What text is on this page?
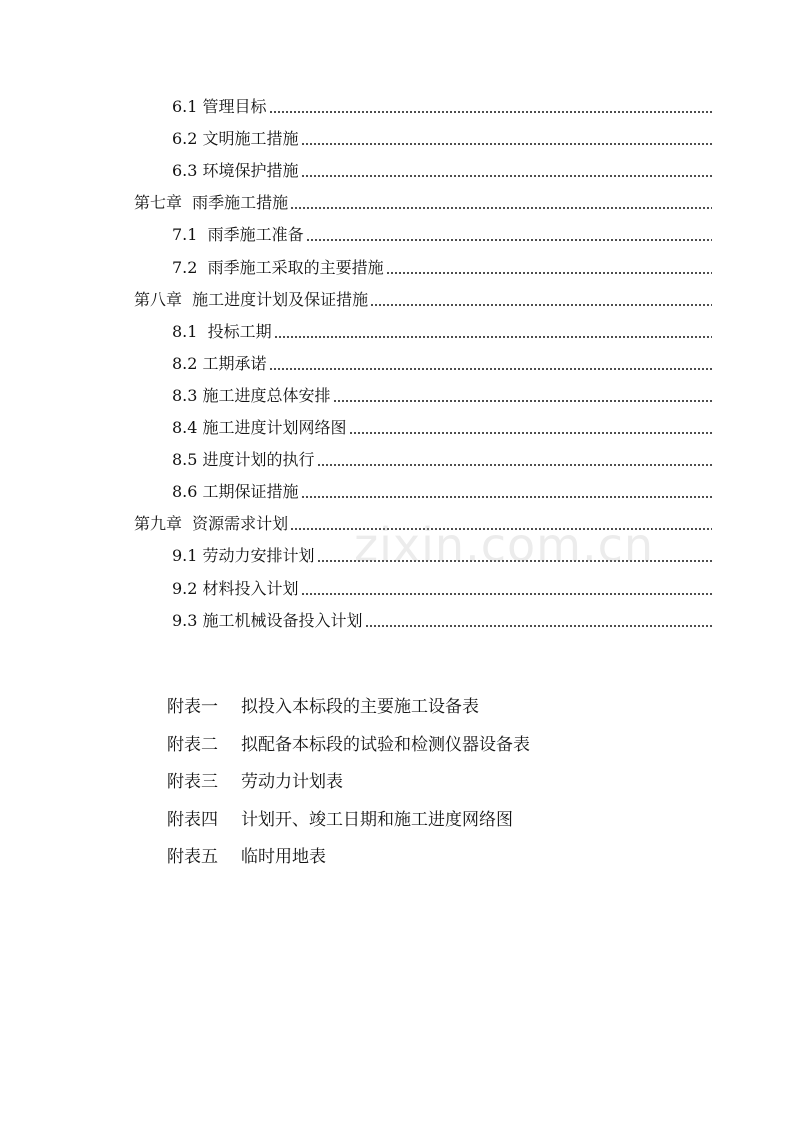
6.1 管理目标
6.2 文明施工措施
6.3 环境保护措施
第七章  雨季施工措施
7.1  雨季施工准备
7.2  雨季施工采取的主要措施
第八章  施工进度计划及保证措施
8.1  投标工期
8.2 工期承诺
8.3 施工进度总体安排
8.4 施工进度计划网络图
8.5 进度计划的执行
8.6 工期保证措施
第九章  资源需求计划
9.1 劳动力安排计划
9.2 材料投入计划
9.3 施工机械设备投入计划
附表一	拟投入本标段的主要施工设备表
附表二	拟配备本标段的试验和检测仪器设备表
附表三	劳动力计划表
附表四	计划开、竣工日期和施工进度网络图
附表五	临时用地表
zixin.com.cn
